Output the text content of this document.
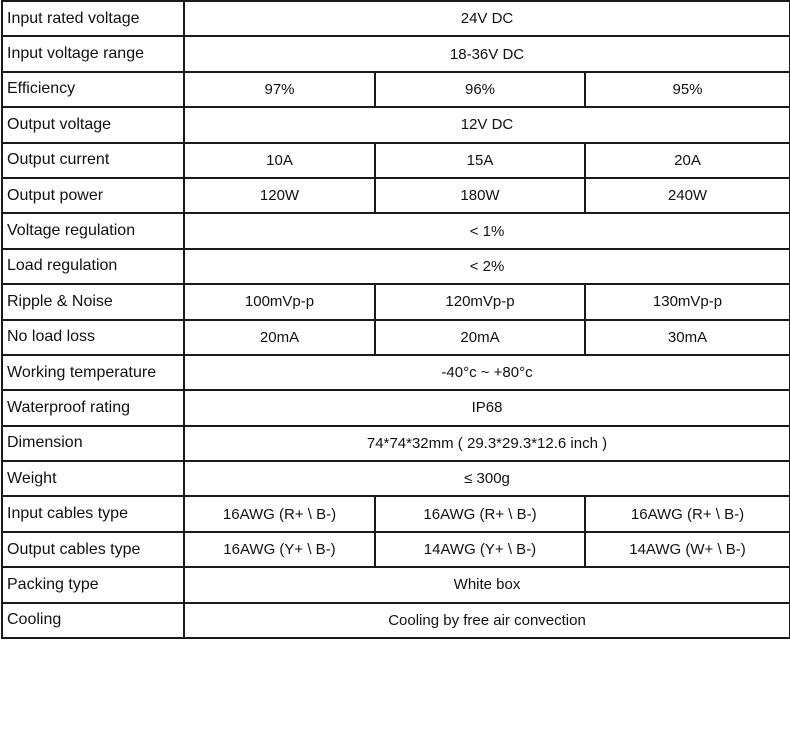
Input rated voltage	24V DC		
Input voltage range	18-36V DC		
Efficiency	97%	96%	95%
Output voltage	12V DC		
Output current	10A	15A	20A
Output power	120W	180W	240W
Voltage regulation	< 1%		
Load regulation	< 2%		
Ripple & Noise	100mVp-p	120mVp-p	130mVp-p
No load loss	20mA	20mA	30mA
Working temperature	-40°c ~ +80°c		
Waterproof rating	IP68		
Dimension	74*74*32mm ( 29.3*29.3*12.6 inch )		
Weight	≤ 300g		
Input cables type	16AWG (R+ \ B-)	16AWG (R+ \ B-)	16AWG (R+ \ B-)
Output cables type	16AWG (Y+ \ B-)	14AWG (Y+ \ B-)	14AWG (W+ \ B-)
Packing type	White box		
Cooling	Cooling by free air convection		
